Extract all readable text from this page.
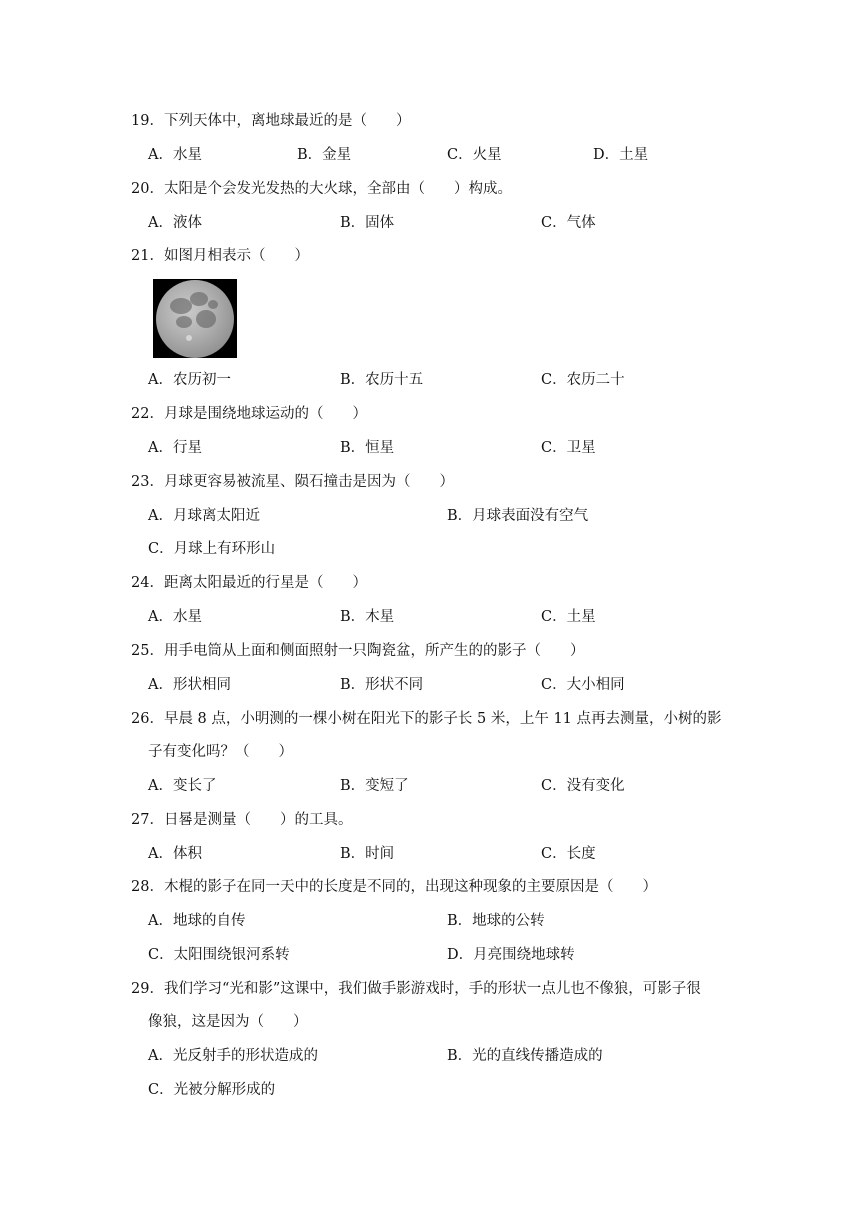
19．下列天体中，离地球最近的是（　　）
A．水星	B．金星	C．火星	D．土星
20．太阳是个会发光发热的大火球，全部由（　　）构成。
A．液体	B．固体	C．气体
21．如图月相表示（　　）
A．农历初一	B．农历十五	C．农历二十
22．月球是围绕地球运动的（　　）
A．行星	B．恒星	C．卫星
23．月球更容易被流星、陨石撞击是因为（　　）
A．月球离太阳近	B．月球表面没有空气
C．月球上有环形山
24．距离太阳最近的行星是（　　）
A．水星	B．木星	C．土星
25．用手电筒从上面和侧面照射一只陶瓷盆，所产生的的影子（　　）
A．形状相同	B．形状不同	C．大小相同
26．早晨 8 点，小明测的一棵小树在阳光下的影子长 5 米，上午 11 点再去测量，小树的影
子有变化吗？（　　）
A．变长了	B．变短了	C．没有变化
27．日晷是测量（　　）的工具。
A．体积	B．时间	C．长度
28．木棍的影子在同一天中的长度是不同的，出现这种现象的主要原因是（　　）
A．地球的自传	B．地球的公转
C．太阳围绕银河系转	D．月亮围绕地球转
29．我们学习“光和影”这课中，我们做手影游戏时，手的形状一点儿也不像狼，可影子很
像狼，这是因为（　　）
A．光反射手的形状造成的	B．光的直线传播造成的
C．光被分解形成的
